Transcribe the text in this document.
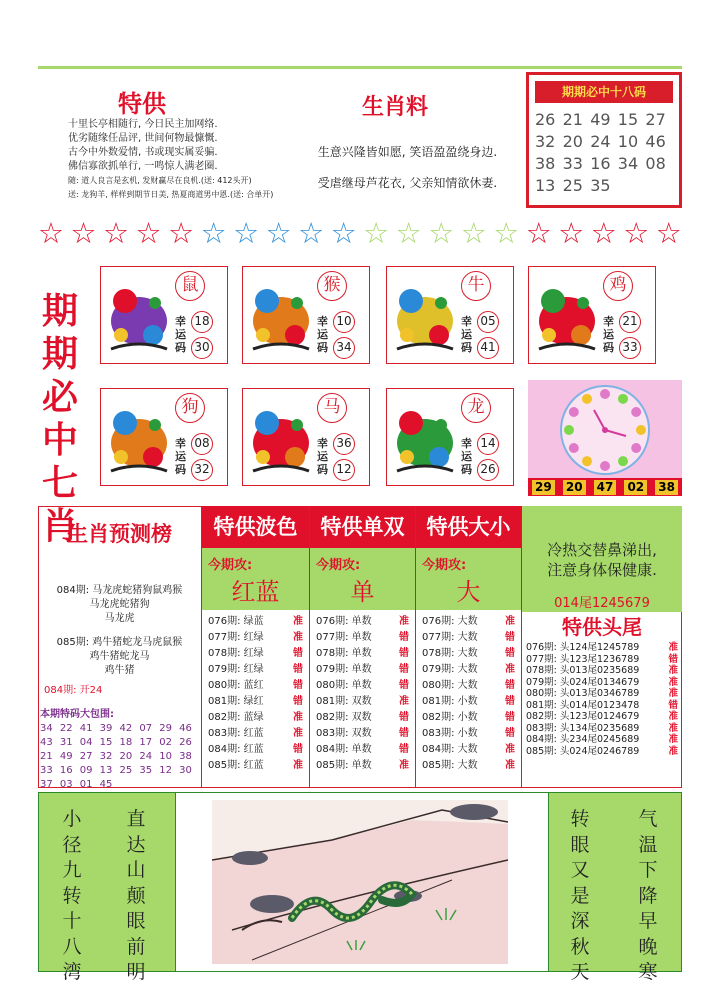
特供
十里长亭相随行, 今日民主加网络.
优劣随缘任品评, 世间何物最慷慨.
古今中外数爱情, 书或现实属妥骗.
佛信寡欲抓单行, 一鸣惊人满老圈.
随: 道人良言是玄机, 发财赢尽在良机.(送: 412头开)
送: 龙狗羊, 样样到期节日美, 热夏商道男中恩.(送: 合单开)
生肖料
生意兴隆皆如愿, 笑语盈盈绕身边.
受虐继母芦花衣, 父亲知情欲休妻.
期期必中十八码
26 21 49 15 27
32 20 24 10 46
38 33 16 34 08
13 25 35
☆ ☆ ☆ ☆ ☆ ☆ ☆ ☆ ☆ ☆ ☆ ☆ ☆ ☆ ☆ ☆ ☆ ☆ ☆ ☆
期
期
必
中
七
肖
鼠
幸运码
18
30
猴
幸运码
10
34
牛
幸运码
05
41
鸡
幸运码
21
33
狗
幸运码
08
32
马
幸运码
36
12
龙
幸运码
14
26
29 20 47 02 38
生肖预测榜
084期: 马龙虎蛇猪狗鼠鸡猴
马龙虎蛇猪狗
马龙虎
085期: 鸡牛猪蛇龙马虎鼠猴
鸡牛猪蛇龙马
鸡牛猪
084期: 开24
本期特码大包围:
34 22 41 39 42 07 29 46
43 31 04 15 18 17 02 26
21 49 27 32 20 24 10 38
33 16 09 13 25 35 12 30
37 03 01 45
特供波色
今期攻:
红蓝
076期: 绿蓝	准
077期: 红绿	准
078期: 红绿	错
079期: 红绿	错
080期: 蓝红	错
081期: 绿红	错
082期: 蓝绿	准
083期: 红蓝	准
084期: 红蓝	错
085期: 红蓝	准
特供单双
今期攻:
单
076期: 单数	准
077期: 单数	错
078期: 单数	错
079期: 单数	错
080期: 单数	错
081期: 双数	准
082期: 双数	错
083期: 双数	错
084期: 单数	错
085期: 单数	准
特供大小
今期攻:
大
076期: 大数	准
077期: 大数	错
078期: 大数	错
079期: 大数	准
080期: 大数	错
081期: 小数	错
082期: 小数	错
083期: 小数	错
084期: 大数	准
085期: 大数	准
冷热交替鼻涕出,
注意身体保健康.
014尾1245679
特供头尾
076期: 头124尾1245789	准
077期: 头123尾1236789	错
078期: 头013尾0235689	准
079期: 头024尾0134679	准
080期: 头013尾0346789	准
081期: 头014尾0123478	错
082期: 头123尾0124679	准
083期: 头134尾0235689	准
084期: 头234尾0245689	准
085期: 头024尾0246789	准
小
径
九
转
十
八
湾
直
达
山
颠
眼
前
明
转
眼
又
是
深
秋
天
气
温
下
降
早
晚
寒
